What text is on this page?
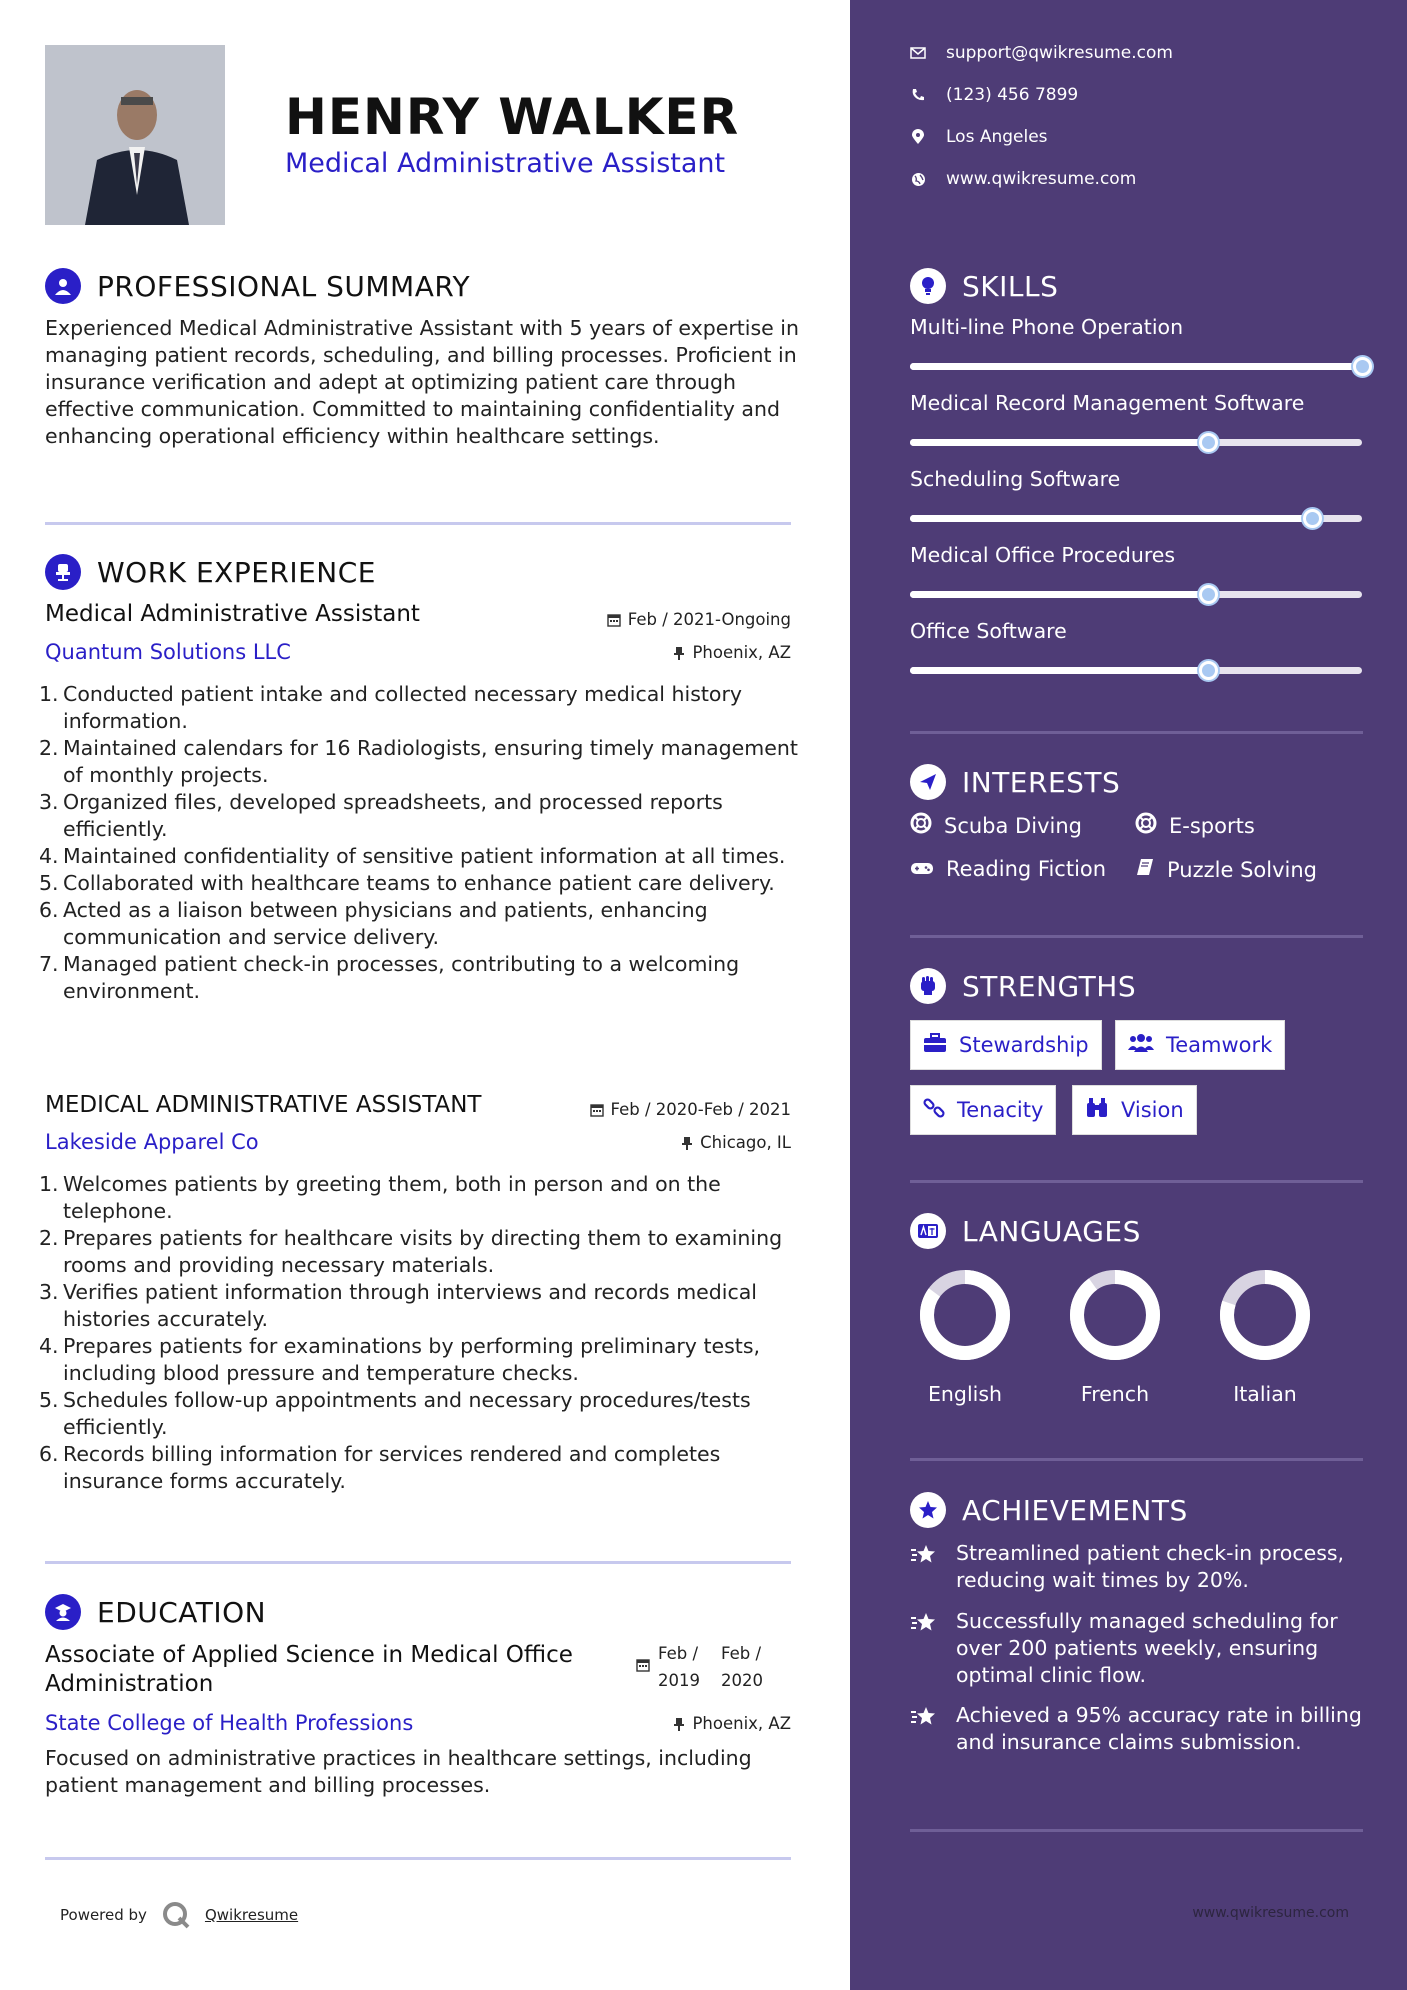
HENRY WALKER
Medical Administrative Assistant
PROFESSIONAL SUMMARY
Experienced Medical Administrative Assistant with 5 years of expertise in managing patient records, scheduling, and billing processes. Proficient in insurance verification and adept at optimizing patient care through effective communication. Committed to maintaining confidentiality and enhancing operational efficiency within healthcare settings.
WORK EXPERIENCE
Medical Administrative Assistant	Feb / 2021-Ongoing
Quantum Solutions LLC	Phoenix, AZ
1. Conducted patient intake and collected necessary medical history information.
2. Maintained calendars for 16 Radiologists, ensuring timely management of monthly projects.
3. Organized files, developed spreadsheets, and processed reports efficiently.
4. Maintained confidentiality of sensitive patient information at all times.
5. Collaborated with healthcare teams to enhance patient care delivery.
6. Acted as a liaison between physicians and patients, enhancing communication and service delivery.
7. Managed patient check-in processes, contributing to a welcoming environment.
MEDICAL ADMINISTRATIVE ASSISTANT	Feb / 2020-Feb / 2021
Lakeside Apparel Co	Chicago, IL
1. Welcomes patients by greeting them, both in person and on the telephone.
2. Prepares patients for healthcare visits by directing them to examining rooms and providing necessary materials.
3. Verifies patient information through interviews and records medical histories accurately.
4. Prepares patients for examinations by performing preliminary tests, including blood pressure and temperature checks.
5. Schedules follow-up appointments and necessary procedures/tests efficiently.
6. Records billing information for services rendered and completes insurance forms accurately.
EDUCATION
Associate of Applied Science in Medical Office Administration
Feb /
2019
Feb /
2020
State College of Health Professions	Phoenix, AZ
Focused on administrative practices in healthcare settings, including patient management and billing processes.
Powered by	Qwikresume
support@qwikresume.com
(123) 456 7899
Los Angeles
www.qwikresume.com
SKILLS
Multi-line Phone Operation
Medical Record Management Software
Scheduling Software
Medical Office Procedures
Office Software
INTERESTS
Scuba Diving	E-sports
Reading Fiction	Puzzle Solving
STRENGTHS
Stewardship	Teamwork
Tenacity	Vision
LANGUAGES
English	French	Italian
ACHIEVEMENTS
Streamlined patient check-in process, reducing wait times by 20%.
Successfully managed scheduling for over 200 patients weekly, ensuring optimal clinic flow.
Achieved a 95% accuracy rate in billing and insurance claims submission.
www.qwikresume.com
